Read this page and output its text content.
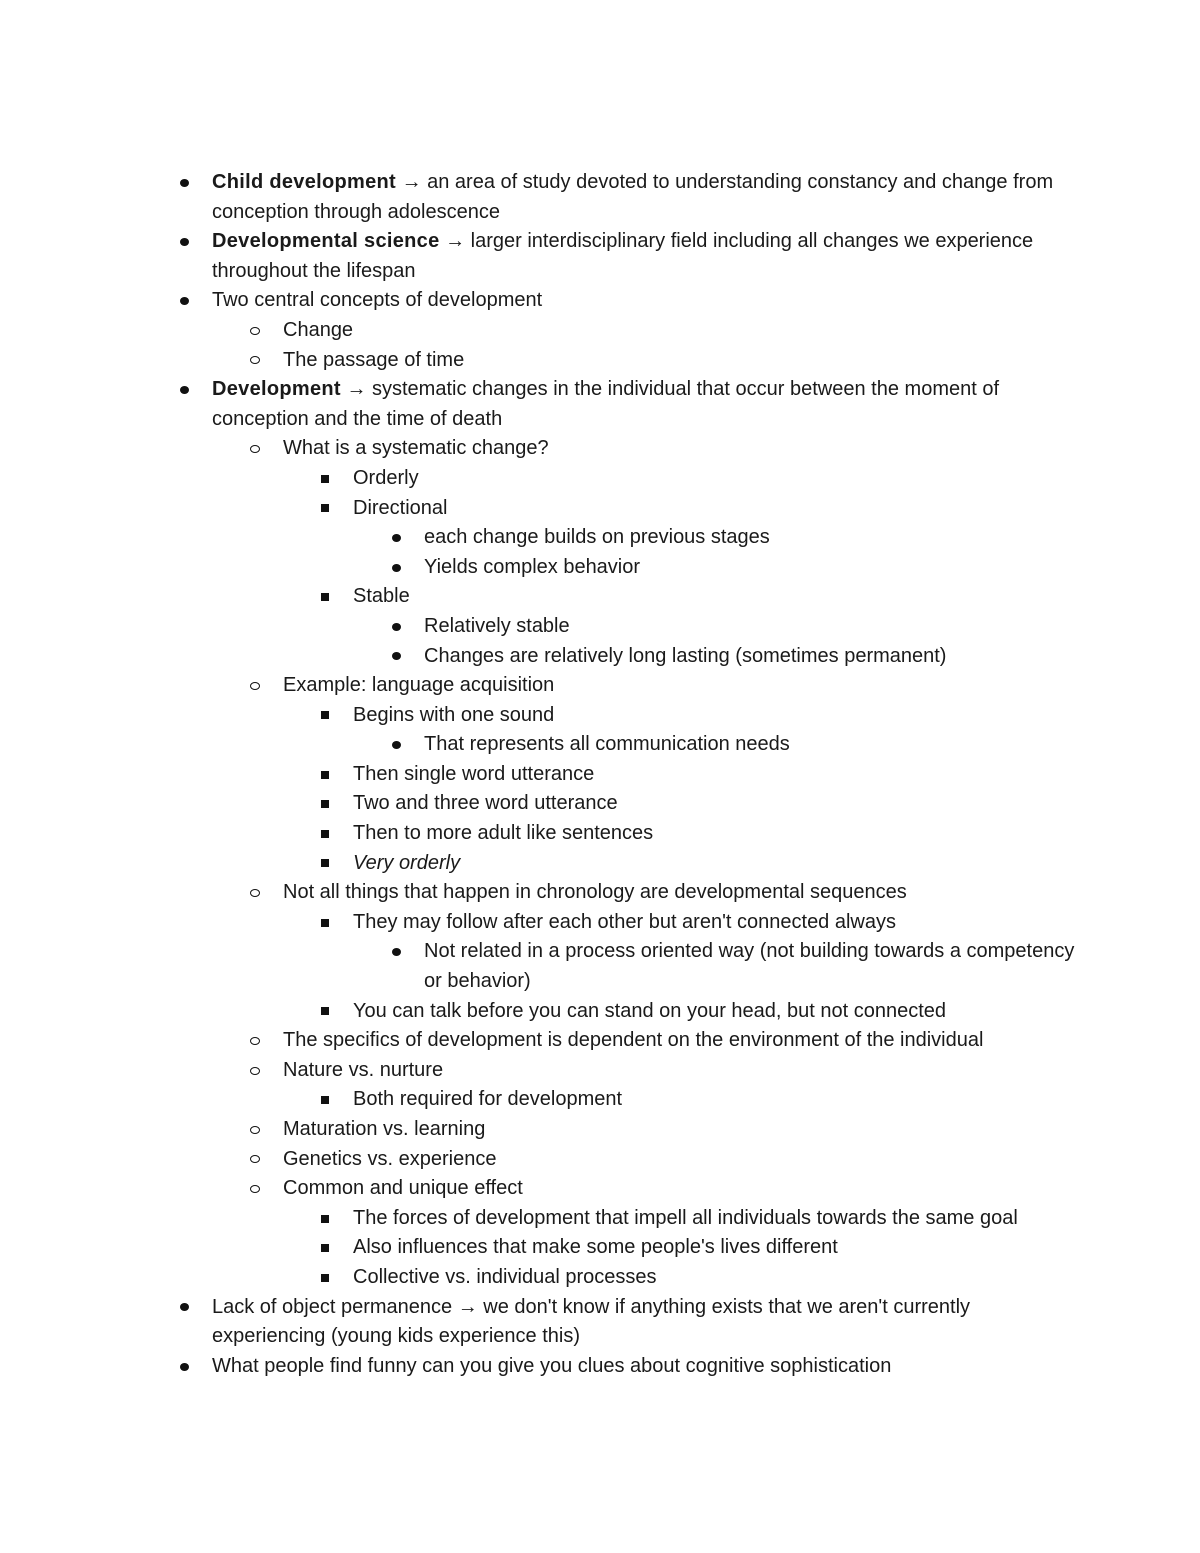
Child development → an area of study devoted to understanding constancy and change from conception through adolescence
Developmental science → larger interdisciplinary field including all changes we experience throughout the lifespan
Two central concepts of development
Change
The passage of time
Development → systematic changes in the individual that occur between the moment of conception and the time of death
What is a systematic change?
Orderly
Directional
each change builds on previous stages
Yields complex behavior
Stable
Relatively stable
Changes are relatively long lasting (sometimes permanent)
Example: language acquisition
Begins with one sound
That represents all communication needs
Then single word utterance
Two and three word utterance
Then to more adult like sentences
Very orderly
Not all things that happen in chronology are developmental sequences
They may follow after each other but aren't connected always
Not related in a process oriented way (not building towards a competency or behavior)
You can talk before you can stand on your head, but not connected
The specifics of development is dependent on the environment of the individual
Nature vs. nurture
Both required for development
Maturation vs. learning
Genetics vs. experience
Common and unique effect
The forces of development that impell all individuals towards the same goal
Also influences that make some people's lives different
Collective vs. individual processes
Lack of object permanence → we don't know if anything exists that we aren't currently experiencing (young kids experience this)
What people find funny can you give you clues about cognitive sophistication
